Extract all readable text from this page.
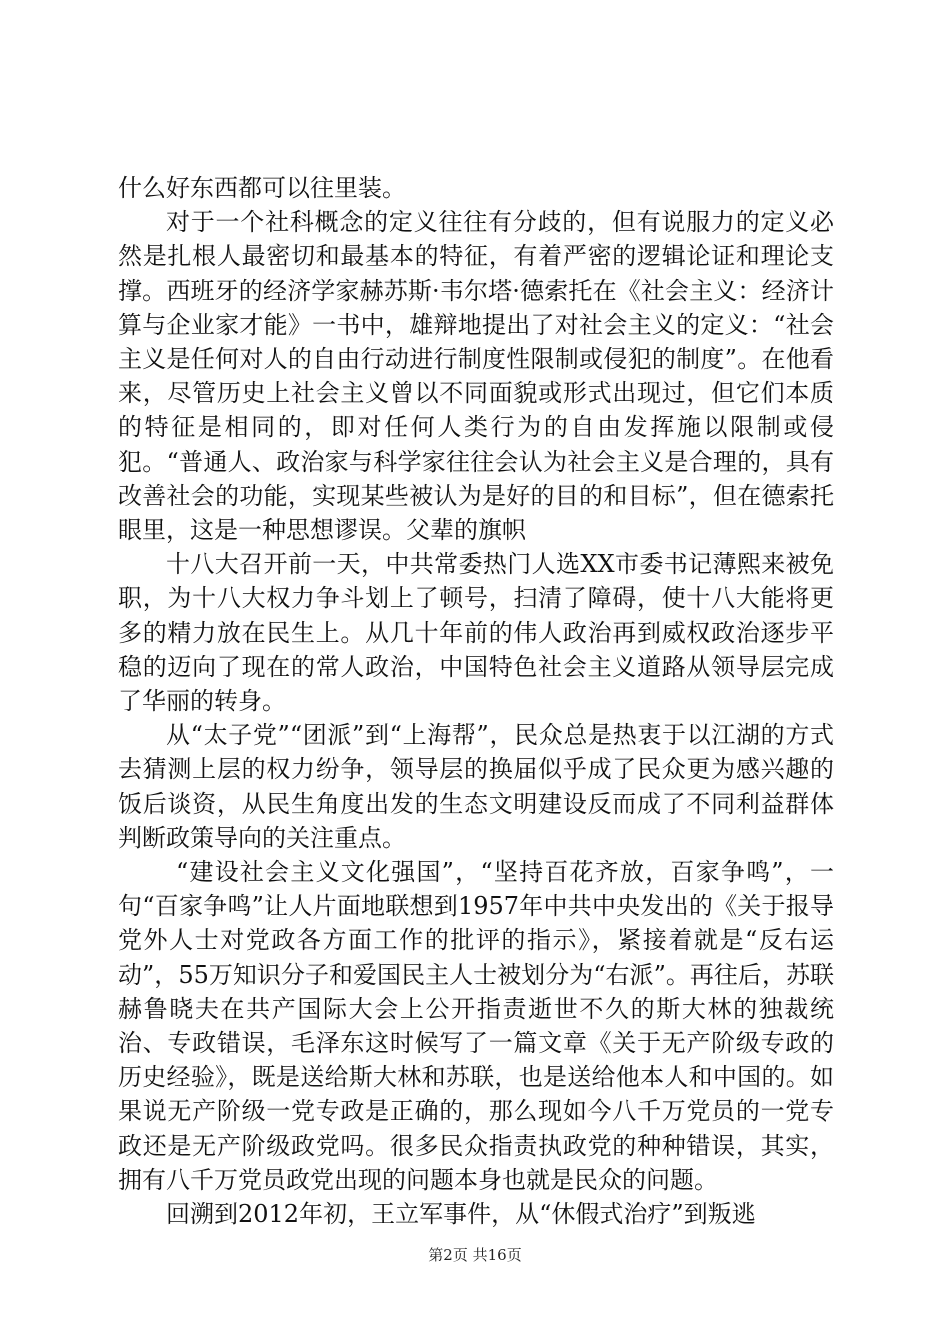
什么好东西都可以往里装。

对于一个社科概念的定义往往有分歧的，但有说服力的定义必然是扎根人最密切和最基本的特征，有着严密的逻辑论证和理论支撑。西班牙的经济学家赫苏斯·韦尔塔·德索托在《社会主义：经济计算与企业家才能》一书中，雄辩地提出了对社会主义的定义：“社会主义是任何对人的自由行动进行制度性限制或侵犯的制度”。在他看来，尽管历史上社会主义曾以不同面貌或形式出现过，但它们本质的特征是相同的，即对任何人类行为的自由发挥施以限制或侵犯。“普通人、政治家与科学家往往会认为社会主义是合理的，具有改善社会的功能，实现某些被认为是好的目的和目标”，但在德索托眼里，这是一种思想谬误。父辈的旗帜

十八大召开前一天，中共常委热门人选XX市委书记薄熙来被免职，为十八大权力争斗划上了顿号，扫清了障碍，使十八大能将更多的精力放在民生上。从几十年前的伟人政治再到威权政治逐步平稳的迈向了现在的常人政治，中国特色社会主义道路从领导层完成了华丽的转身。

从“太子党”“团派”到“上海帮”，民众总是热衷于以江湖的方式去猜测上层的权力纷争，领导层的换届似乎成了民众更为感兴趣的饭后谈资，从民生角度出发的生态文明建设反而成了不同利益群体判断政策导向的关注重点。

“建设社会主义文化强国”，“坚持百花齐放，百家争鸣”，一句“百家争鸣”让人片面地联想到1957年中共中央发出的《关于报导党外人士对党政各方面工作的批评的指示》，紧接着就是“反右运动”，55万知识分子和爱国民主人士被划分为“右派”。再往后，苏联赫鲁晓夫在共产国际大会上公开指责逝世不久的斯大林的独裁统治、专政错误，毛泽东这时候写了一篇文章《关于无产阶级专政的历史经验》，既是送给斯大林和苏联，也是送给他本人和中国的。如果说无产阶级一党专政是正确的，那么现如今八千万党员的一党专政还是无产阶级政党吗。很多民众指责执政党的种种错误，其实，拥有八千万党员政党出现的问题本身也就是民众的问题。

回溯到2012年初，王立军事件，从“休假式治疗”到叛逃

第2页 共16页
